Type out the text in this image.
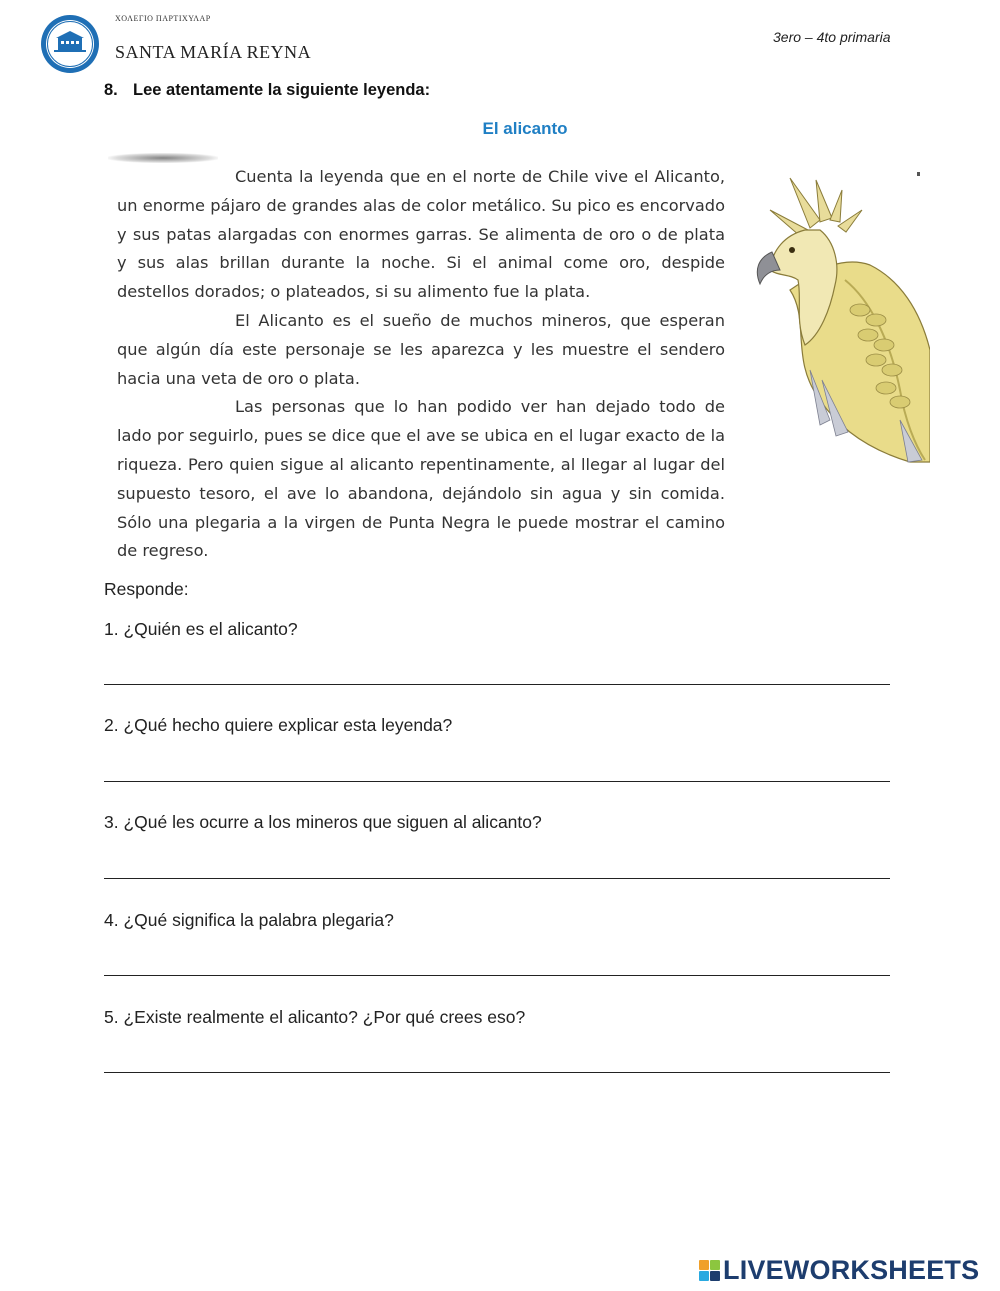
ΧΟΛΕΓΙΟ ΠΑΡΤΙΧΥΛΑΡ
SANTA MARÍA REYNA
3ero – 4to primaria
8. Lee atentamente la siguiente leyenda:
El alicanto

Cuenta la leyenda que en el norte de Chile vive el Alicanto, un enorme pájaro de grandes alas de color metálico. Su pico es encorvado y sus patas alargadas con enormes garras. Se alimenta de oro o de plata y sus alas brillan durante la noche. Si el animal come oro, despide destellos dorados; o plateados, si su alimento fue la plata.

El Alicanto es el sueño de muchos mineros, que esperan que algún día este personaje se les aparezca y les muestre el sendero hacia una veta de oro o plata.

Las personas que lo han podido ver han dejado todo de lado por seguirlo, pues se dice que el ave se ubica en el lugar exacto de la riqueza. Pero quien sigue al alicanto repentinamente, al llegar al lugar del supuesto tesoro, el ave lo abandona, dejándolo sin agua y sin comida. Sólo una plegaria a la virgen de Punta Negra le puede mostrar el camino de regreso.

Responde:
1. ¿Quién es el alicanto?
2. ¿Qué hecho quiere explicar esta leyenda?
3. ¿Qué les ocurre a los mineros que siguen al alicanto?
4. ¿Qué significa la palabra plegaria?
5. ¿Existe realmente el alicanto? ¿Por qué crees eso?
LIVEWORKSHEETS
